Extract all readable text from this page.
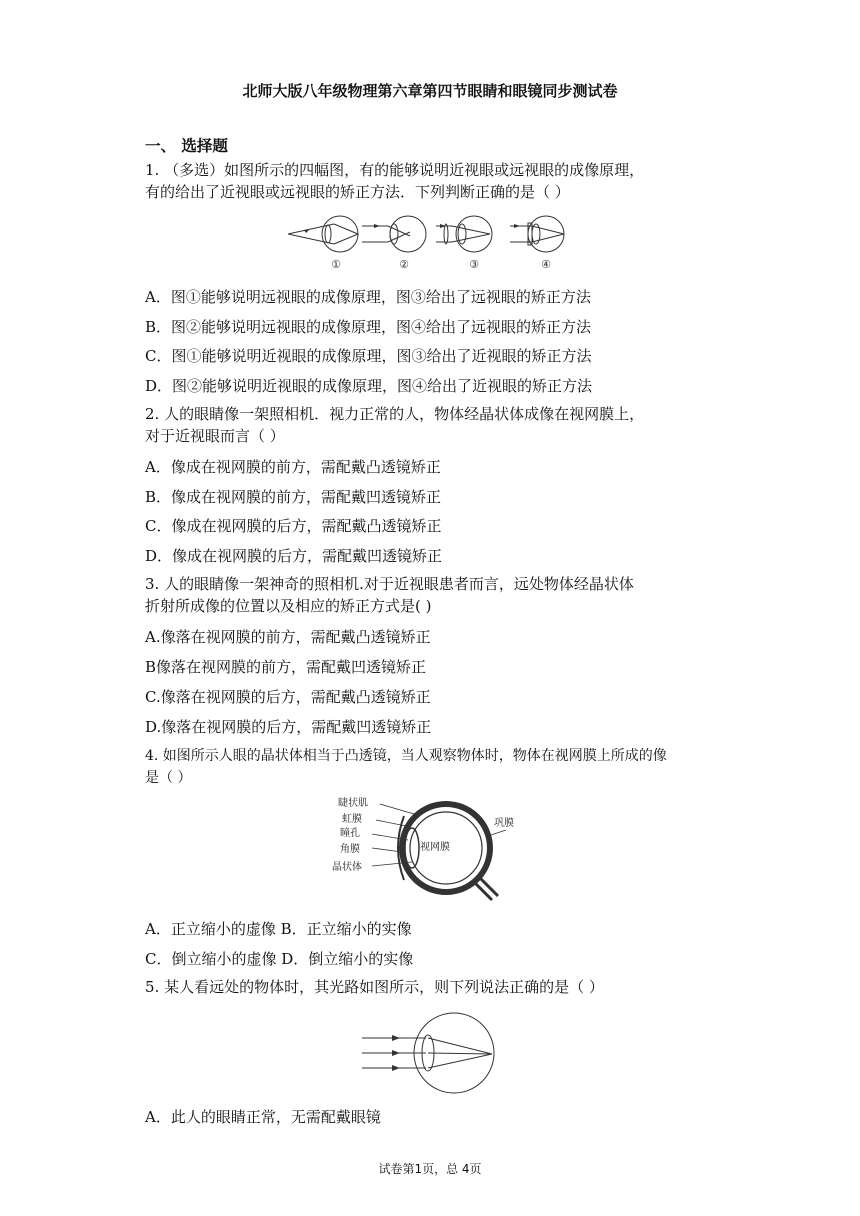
北师大版八年级物理第六章第四节眼睛和眼镜同步测试卷
一、 选择题
1. （多选）如图所示的四幅图，有的能够说明近视眼或远视眼的成像原理，
有的给出了近视眼或远视眼的矫正方法．下列判断正确的是（ ）
①	②	③	④
A．图①能够说明远视眼的成像原理，图③给出了远视眼的矫正方法
B．图②能够说明远视眼的成像原理，图④给出了远视眼的矫正方法
C．图①能够说明近视眼的成像原理，图③给出了近视眼的矫正方法
D．图②能够说明近视眼的成像原理，图④给出了近视眼的矫正方法
2. 人的眼睛像一架照相机．视力正常的人，物体经晶状体成像在视网膜上，
对于近视眼而言（ ）
A．像成在视网膜的前方，需配戴凸透镜矫正
B．像成在视网膜的前方，需配戴凹透镜矫正
C．像成在视网膜的后方，需配戴凸透镜矫正
D．像成在视网膜的后方，需配戴凹透镜矫正
3. 人的眼睛像一架神奇的照相机.对于近视眼患者而言，远处物体经晶状体
折射所成像的位置以及相应的矫正方式是( )
A.像落在视网膜的前方，需配戴凸透镜矫正
B像落在视网膜的前方，需配戴凹透镜矫正
C.像落在视网膜的后方，需配戴凸透镜矫正
D.像落在视网膜的后方，需配戴凹透镜矫正
4. 如图所示人眼的晶状体相当于凸透镜，当人观察物体时，物体在视网膜上所成的像
是（ ）
睫状肌
虹膜
瞳孔
角膜
晶状体
视网膜
巩膜
A．正立缩小的虚像 B．正立缩小的实像
C．倒立缩小的虚像 D．倒立缩小的实像
5. 某人看远处的物体时，其光路如图所示，则下列说法正确的是（ ）
A．此人的眼睛正常，无需配戴眼镜
试卷第1页，总 4页
